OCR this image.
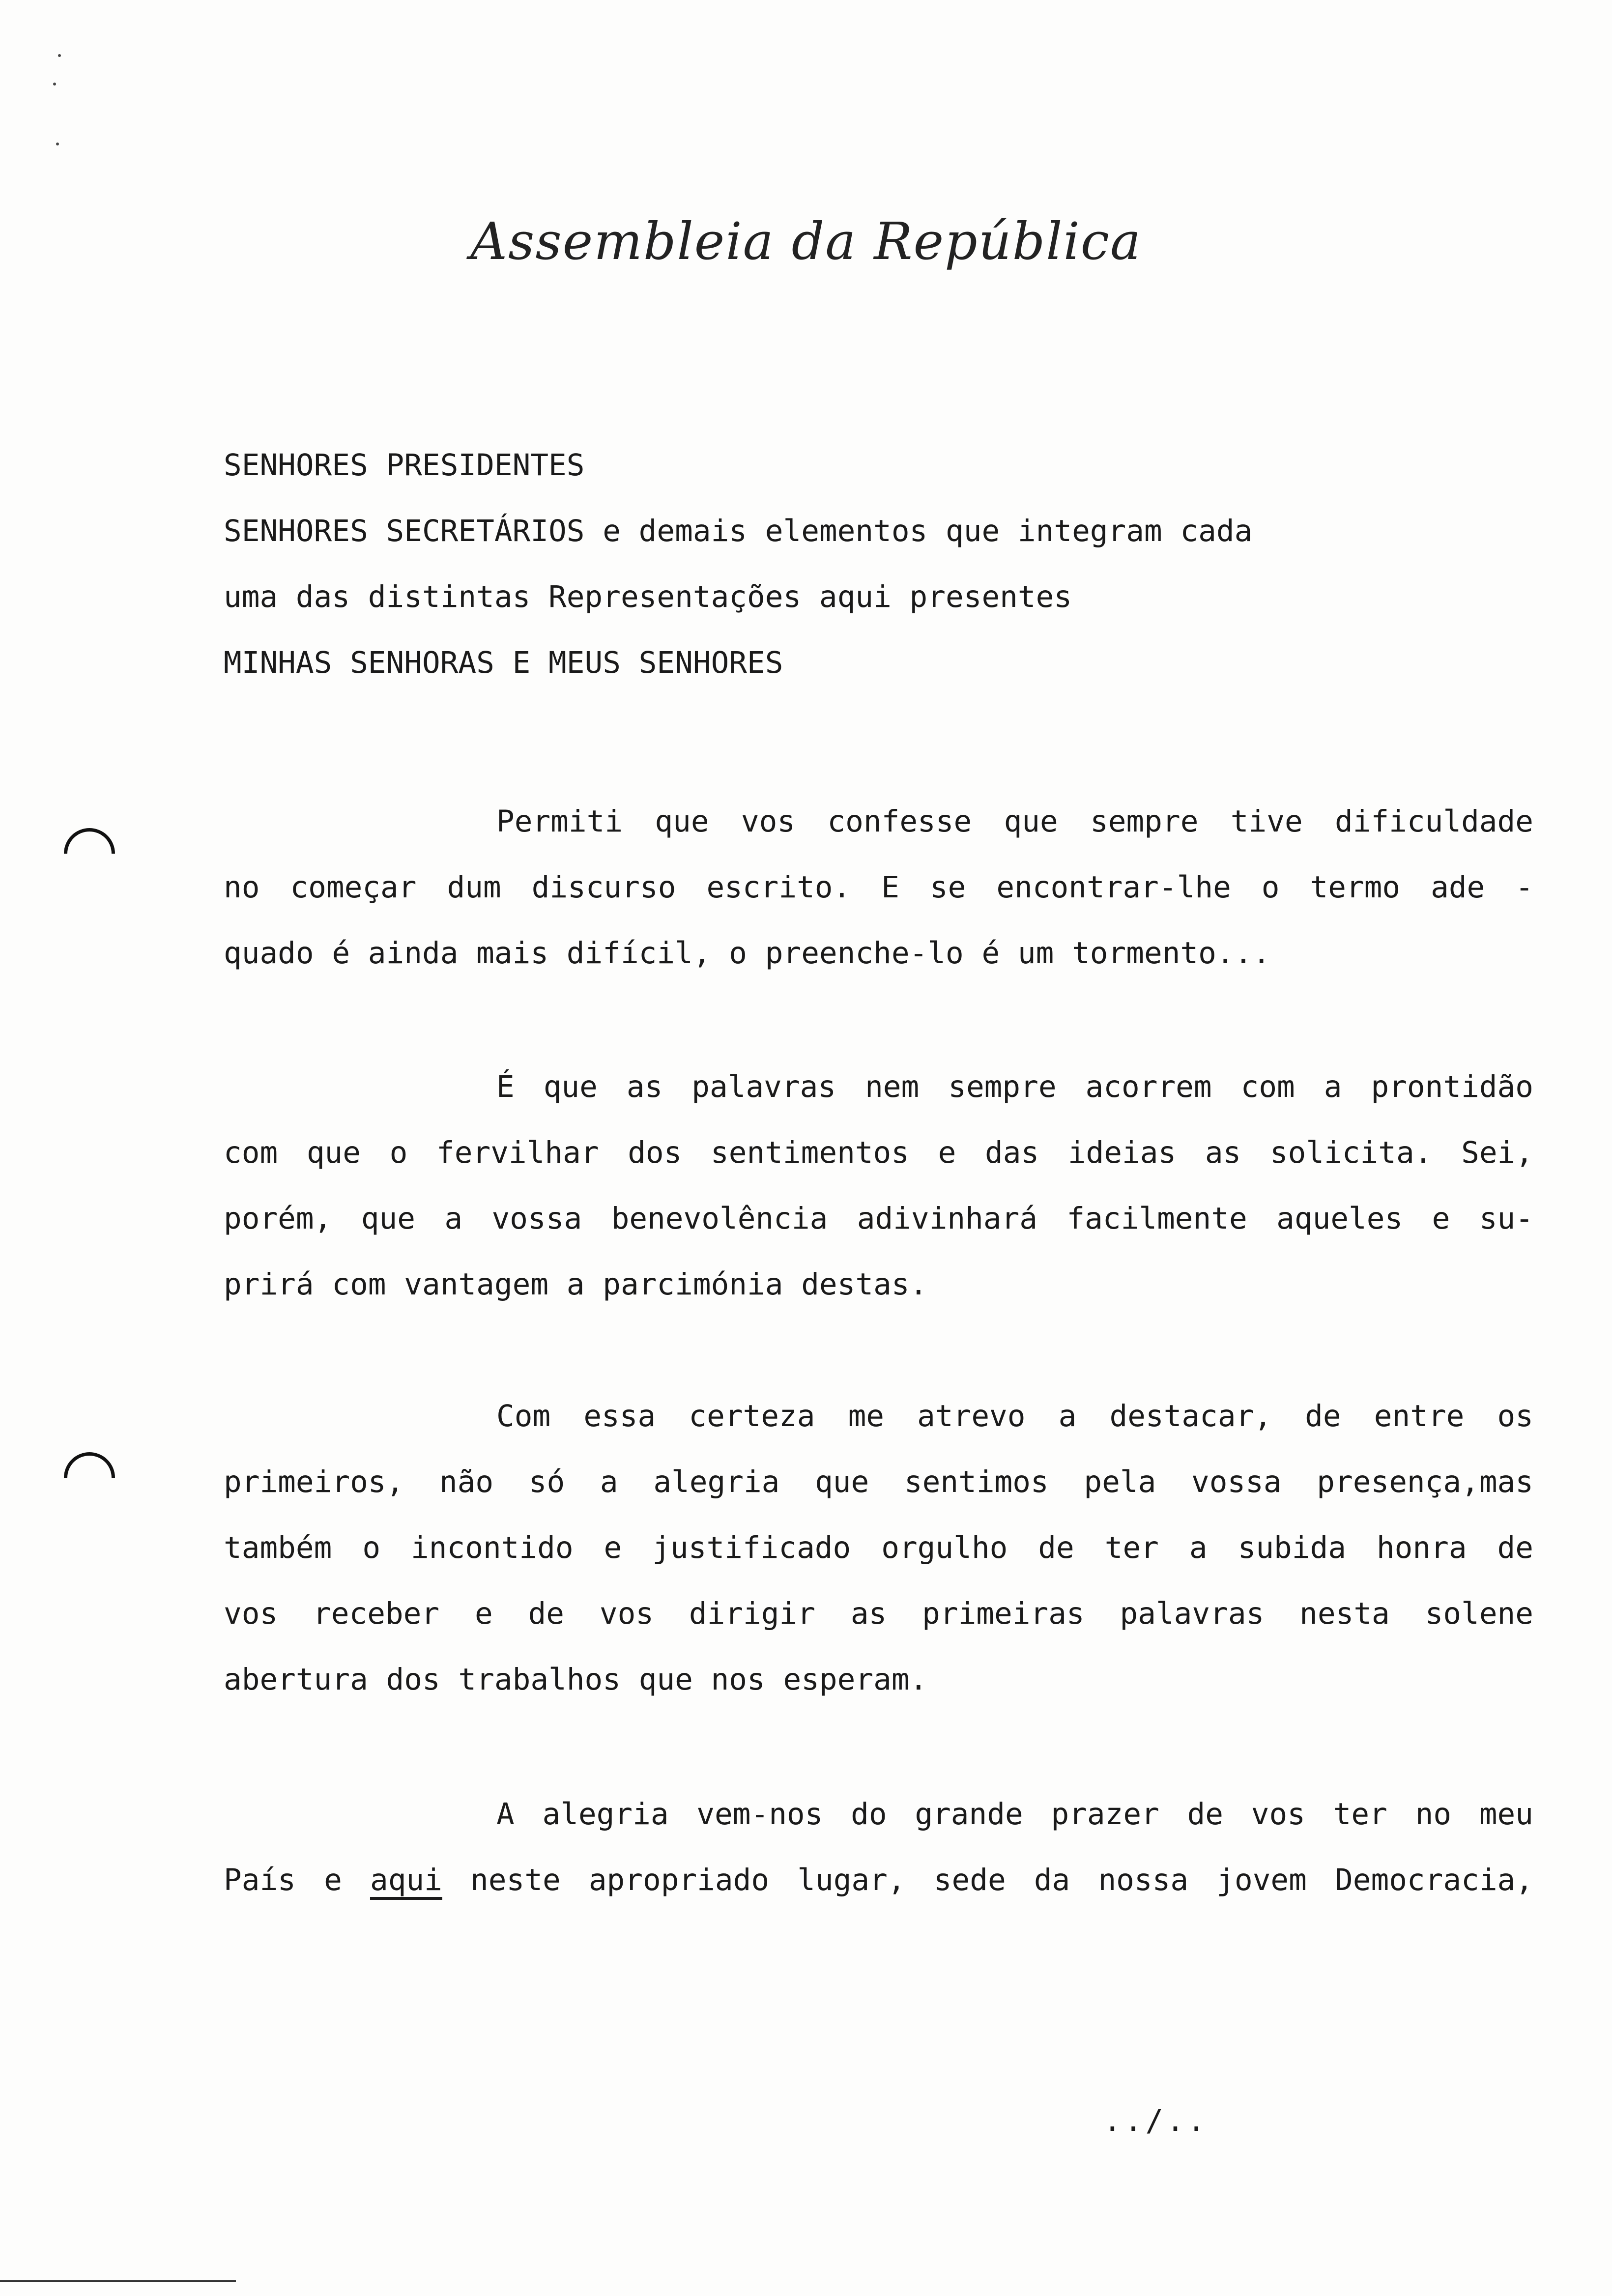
Assembleia da República
SENHORES PRESIDENTES
SENHORES SECRETÁRIOS e demais elementos que integram cada
uma das distintas Representações aqui presentes
MINHAS SENHORAS E MEUS SENHORES
Permiti que vos confesse que sempre tive dificuldade
no começar dum discurso escrito. E se encontrar-lhe o termo ade -
quado é ainda mais difícil, o preenche-lo é um tormento...
É que as palavras nem sempre acorrem com a prontidão
com que o fervilhar dos sentimentos e das ideias as solicita. Sei,
porém, que a vossa benevolência adivinhará facilmente aqueles e su-
prirá com vantagem a parcimónia destas.
Com essa certeza me atrevo a destacar, de entre os
primeiros, não só a alegria que sentimos pela vossa presença,mas
também o incontido e justificado orgulho de ter a subida honra de
vos receber e de vos dirigir as primeiras palavras nesta solene
abertura dos trabalhos que nos esperam.
A alegria vem-nos do grande prazer de vos ter no meu
País e aqui neste apropriado lugar, sede da nossa jovem Democracia,
../..
